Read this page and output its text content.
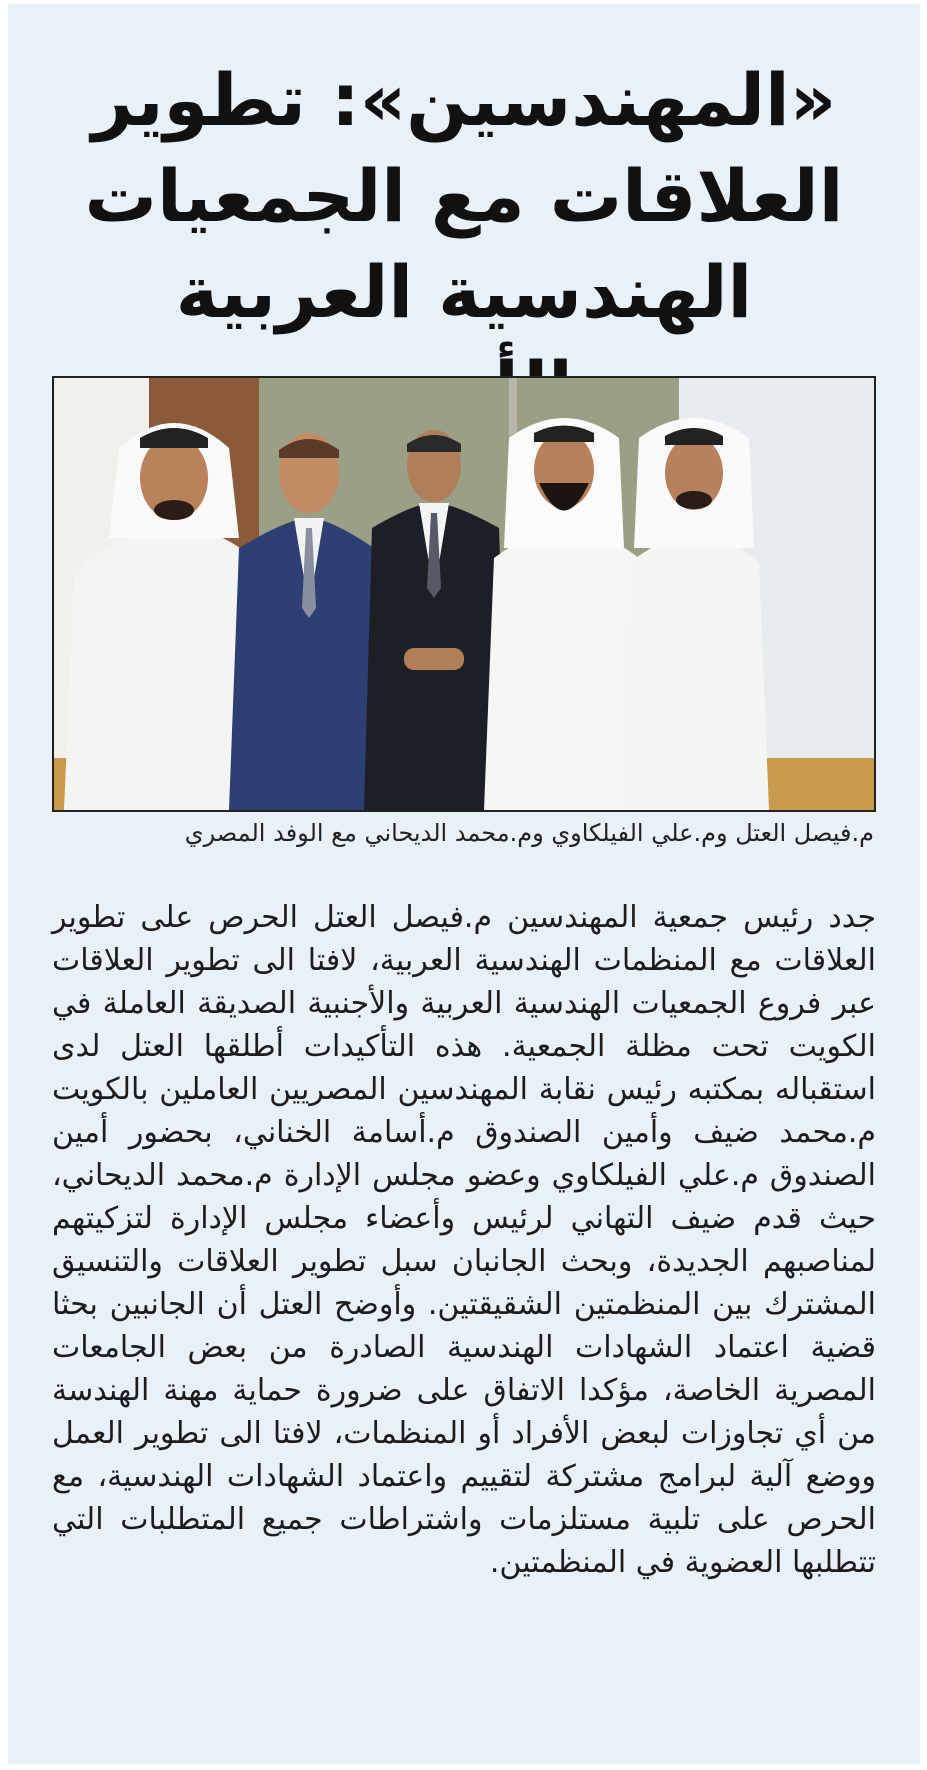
«المهندسين»: تطوير العلاقات مع الجمعيات الهندسية العربية
م.فيصل العتل وم.علي الفيلكاوي وم.محمد الديحاني مع الوفد المصري

جدد رئيس جمعية المهندسين م.فيصل العتل الحرص على تطوير العلاقات مع المنظمات الهندسية العربية، لافتا الى تطوير العلاقات عبر فروع الجمعيات الهندسية العربية والأجنبية الصديقة العاملة في الكويت تحت مظلة الجمعية. هذه التأكيدات أطلقها العتل لدى استقباله بمكتبه رئيس نقابة المهندسين المصريين العاملين بالكويت م.محمد ضيف وأمين الصندوق م.أسامة الخناني، بحضور أمين الصندوق م.علي الفيلكاوي وعضو مجلس الإدارة م.محمد الديحاني، حيث قدم ضيف التهاني لرئيس وأعضاء مجلس الإدارة لتزكيتهم لمناصبهم الجديدة، وبحث الجانبان سبل تطوير العلاقات والتنسيق المشترك بين المنظمتين الشقيقتين. وأوضح العتل أن الجانبين بحثا قضية اعتماد الشهادات الهندسية الصادرة من بعض الجامعات المصرية الخاصة، مؤكدا الاتفاق على ضرورة حماية مهنة الهندسة من أي تجاوزات لبعض الأفراد أو المنظمات، لافتا الى تطوير العمل ووضع آلية لبرامج مشتركة لتقييم واعتماد الشهادات الهندسية، مع الحرص على تلبية مستلزمات واشتراطات جميع المتطلبات التي تتطلبها العضوية في المنظمتين.
